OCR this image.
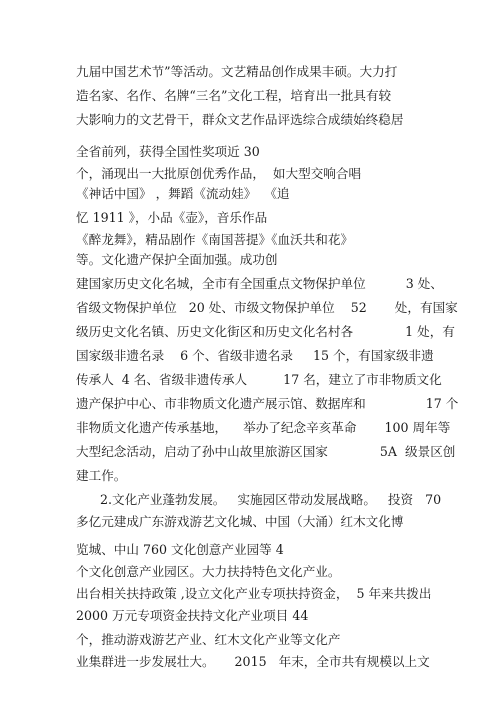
九届中国艺术节”等活动。文艺精品创作成果丰硕。大力打
造名家、名作、名牌“三名”文化工程，培育出一批具有较
大影响力的文艺骨干，群众文艺作品评选综合成绩始终稳居
全省前列，获得全国性奖项近 30
个，涌现出一大批原创优秀作品，  如大型交响合唱
《神话中国》 ，舞蹈《流动娃》  《追
忆 1911 》，小品《壶》，音乐作品
《醉龙舞》，精品剧作《南国菩提》《血沃共和花》
等。文化遗产保护全面加强。成功创
建国家历史文化名城，全市有全国重点文物保护单位          3 处、
省级文物保护单位   20 处、市级文物保护单位    52       处，有国家
级历史文化名镇、历史文化街区和历史文化名村各             1 处，有
国家级非遗名录    6 个、省级非遗名录     15 个，有国家级非遗
传承人  4 名、省级非遗传承人         17 名，建立了市非物质文化
遗产保护中心、市非物质文化遗产展示馆、数据库和               17 个
非物质文化遗产传承基地，    举办了纪念辛亥革命       100 周年等
大型纪念活动，启动了孙中山故里旅游区国家             5A  级景区创
建工作。
2.文化产业蓬勃发展。   实施园区带动发展战略。   投资   70
多亿元建成广东游戏游艺文化城、中国（大涌）红木文化博
览城、中山 760 文化创意产业园等 4
个文化创意产业园区。大力扶持特色文化产业。
出台相关扶持政策 ,设立文化产业专项扶持资金，  5 年来共拨出
2000 万元专项资金扶持文化产业项目 44
个，推动游戏游艺产业、红木文化产业等文化产
业集群进一步发展壮大。     2015   年末，全市共有规模以上文
